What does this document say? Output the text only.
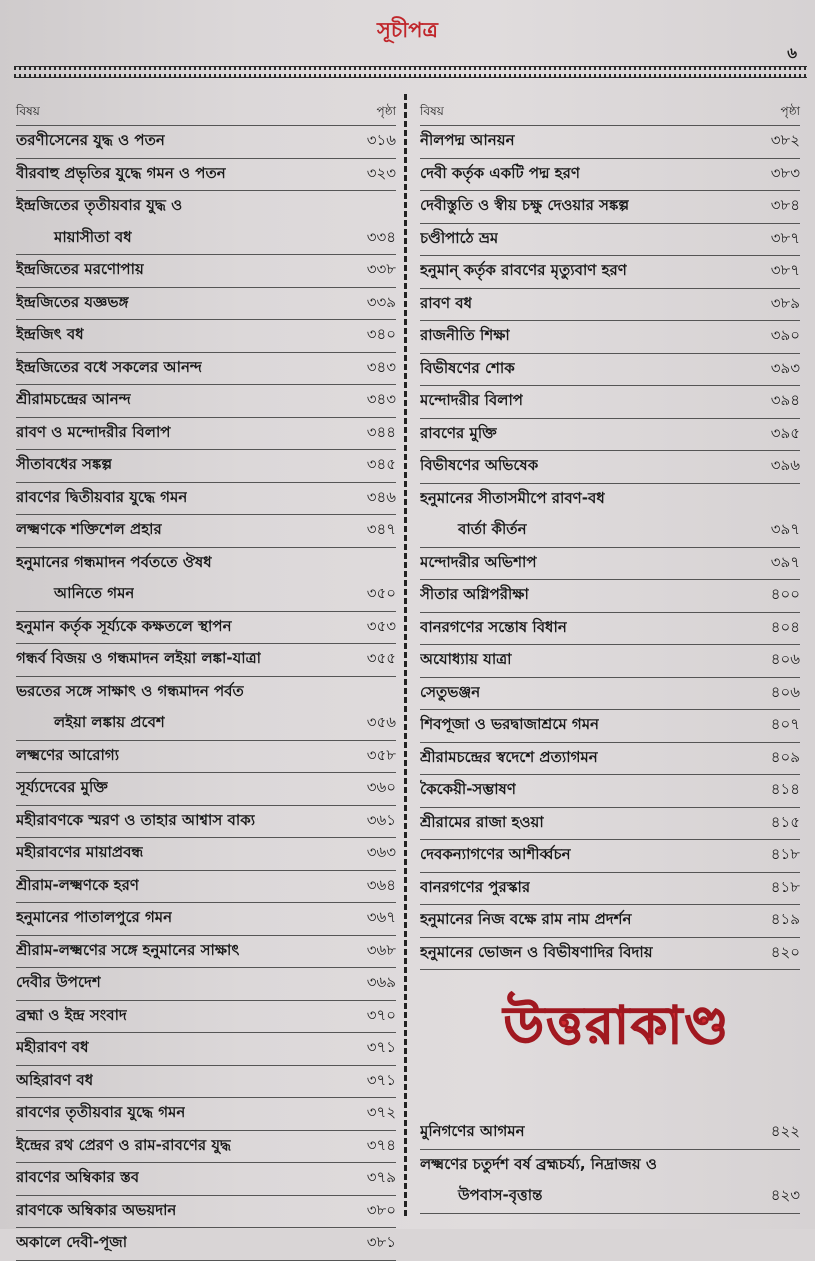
সূচীপত্র
৬
বিষয়	পৃষ্ঠা
তরণীসেনের যুদ্ধ ও পতন	৩১৬
বীরবাহু প্রভৃতির যুদ্ধে গমন ও পতন	৩২৩
ইন্দ্রজিতের তৃতীয়বার যুদ্ধ ও
মায়াসীতা বধ	৩৩৪
ইন্দ্রজিতের মরণোপায়	৩৩৮
ইন্দ্রজিতের যজ্ঞভঙ্গ	৩৩৯
ইন্দ্রজিৎ বধ	৩৪০
ইন্দ্রজিতের বধে সকলের আনন্দ	৩৪৩
শ্রীরামচন্দ্রের আনন্দ	৩৪৩
রাবণ ও মন্দোদরীর বিলাপ	৩৪৪
সীতাবধের সঙ্কল্প	৩৪৫
রাবণের দ্বিতীয়বার যুদ্ধে গমন	৩৪৬
লক্ষ্মণকে শক্তিশেল প্রহার	৩৪৭
হনুমানের গন্ধমাদন পর্বততে ঔষধ
আনিতে গমন	৩৫০
হনুমান কর্তৃক সূর্য্যকে কক্ষতলে স্থাপন	৩৫৩
গন্ধর্ব বিজয় ও গন্ধমাদন লইয়া লঙ্কা-যাত্রা	৩৫৫
ভরতের সঙ্গে সাক্ষাৎ ও গন্ধমাদন পর্বত
লইয়া লঙ্কায় প্রবেশ	৩৫৬
লক্ষ্মণের আরোগ্য	৩৫৮
সূর্য্যদেবের মুক্তি	৩৬০
মহীরাবণকে স্মরণ ও তাহার আশ্বাস বাক্য	৩৬১
মহীরাবণের মায়াপ্রবন্ধ	৩৬৩
শ্রীরাম-লক্ষ্মণকে হরণ	৩৬৪
হনুমানের পাতালপুরে গমন	৩৬৭
শ্রীরাম-লক্ষ্মণের সঙ্গে হনুমানের সাক্ষাৎ	৩৬৮
দেবীর উপদেশ	৩৬৯
ব্রহ্মা ও ইন্দ্র সংবাদ	৩৭০
মহীরাবণ বধ	৩৭১
অহিরাবণ বধ	৩৭১
রাবণের তৃতীয়বার যুদ্ধে গমন	৩৭২
ইন্দ্রের রথ প্রেরণ ও রাম-রাবণের যুদ্ধ	৩৭৪
রাবণের অম্বিকার স্তব	৩৭৯
রাবণকে অম্বিকার অভয়দান	৩৮০
অকালে দেবী-পূজা	৩৮১
বিষয়	পৃষ্ঠা
নীলপদ্ম আনয়ন	৩৮২
দেবী কর্তৃক একটি পদ্ম হরণ	৩৮৩
দেবীস্তুতি ও স্বীয় চক্ষু দেওয়ার সঙ্কল্প	৩৮৪
চণ্ডীপাঠে ভ্রম	৩৮৭
হনুমান্‌ কর্তৃক রাবণের মৃত্যুবাণ হরণ	৩৮৭
রাবণ বধ	৩৮৯
রাজনীতি শিক্ষা	৩৯০
বিভীষণের শোক	৩৯৩
মন্দোদরীর বিলাপ	৩৯৪
রাবণের মুক্তি	৩৯৫
বিভীষণের অভিষেক	৩৯৬
হনুমানের সীতাসমীপে রাবণ-বধ
বার্তা কীর্তন	৩৯৭
মন্দোদরীর অভিশাপ	৩৯৭
সীতার অগ্নিপরীক্ষা	৪০০
বানরগণের সন্তোষ বিধান	৪০৪
অযোধ্যায় যাত্রা	৪০৬
সেতুভঞ্জন	৪০৬
শিবপূজা ও ভরদ্বাজাশ্রমে গমন	৪০৭
শ্রীরামচন্দ্রের স্বদেশে প্রত্যাগমন	৪০৯
কৈকেয়ী-সম্ভাষণ	৪১৪
শ্রীরামের রাজা হওয়া	৪১৫
দেবকন্যাগণের আশীর্ব্বচন	৪১৮
বানরগণের পুরস্কার	৪১৮
হনুমানের নিজ বক্ষে রাম নাম প্রদর্শন	৪১৯
হনুমানের ভোজন ও বিভীষণাদির বিদায়	৪২০
উত্তরাকাণ্ড
মুনিগণের আগমন	৪২২
লক্ষ্মণের চতুর্দশ বর্ষ ব্রহ্মচর্য্য, নিদ্রাজয় ও
উপবাস-বৃত্তান্ত	৪২৩
